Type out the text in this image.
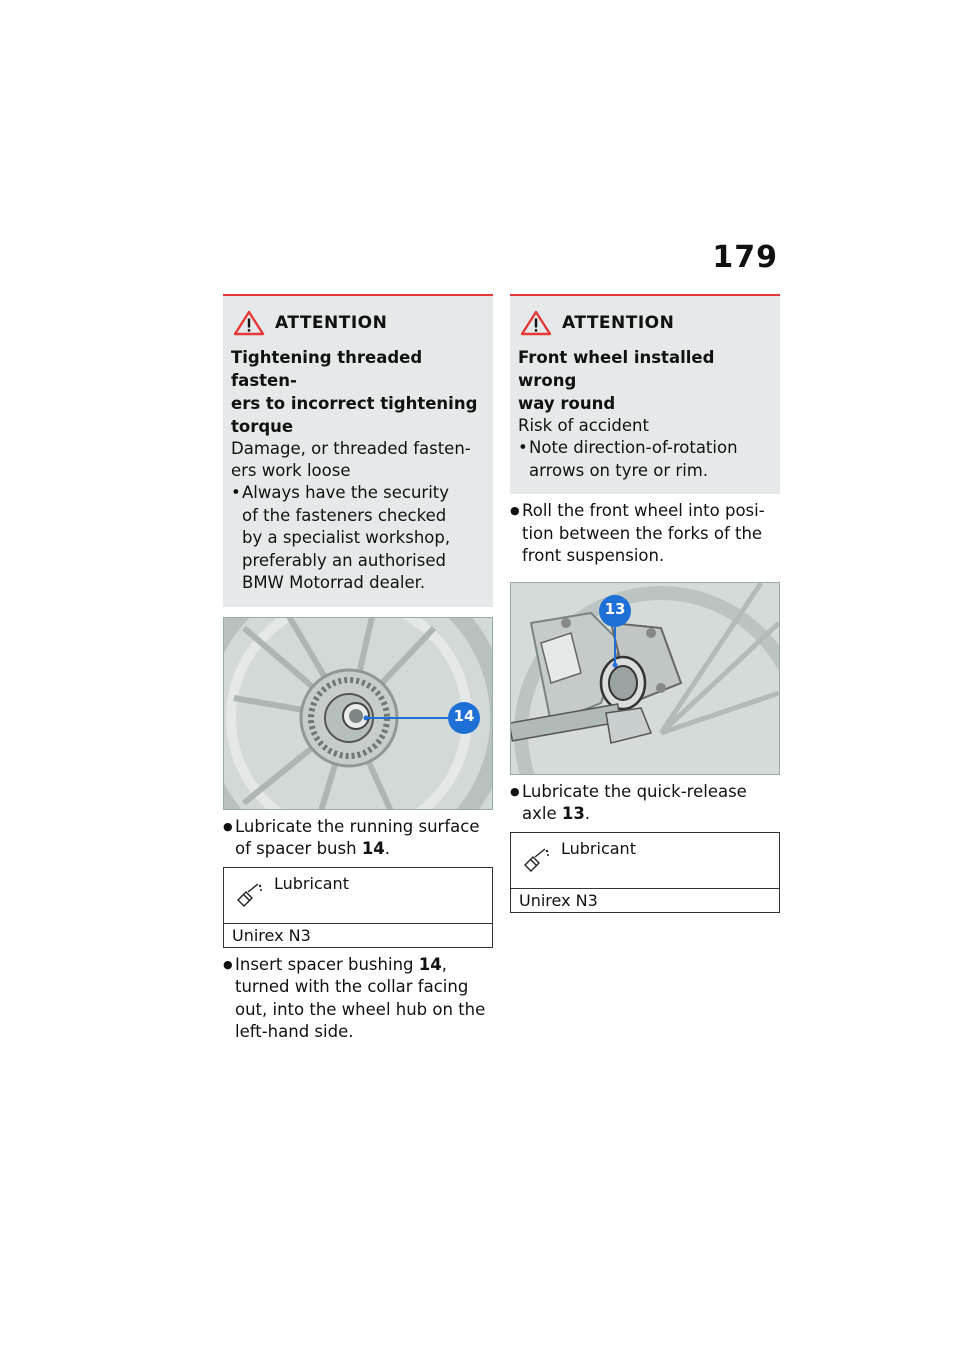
179
ATTENTION
Tightening threaded fasten-
ers to incorrect tightening
torque
Damage, or threaded fasten-
ers work loose
• Always have the security
of the fasteners checked
by a specialist workshop,
preferably an authorised
BMW Motorrad dealer.
14
● Lubricate the running surface
of spacer bush 14.
Lubricant
Unirex N3
● Insert spacer bushing 14,
turned with the collar facing
out, into the wheel hub on the
left-hand side.
ATTENTION
Front wheel installed wrong
way round
Risk of accident
• Note direction-of-rotation
arrows on tyre or rim.
● Roll the front wheel into posi-
tion between the forks of the
front suspension.
13
● Lubricate the quick-release
axle 13.
Lubricant
Unirex N3
